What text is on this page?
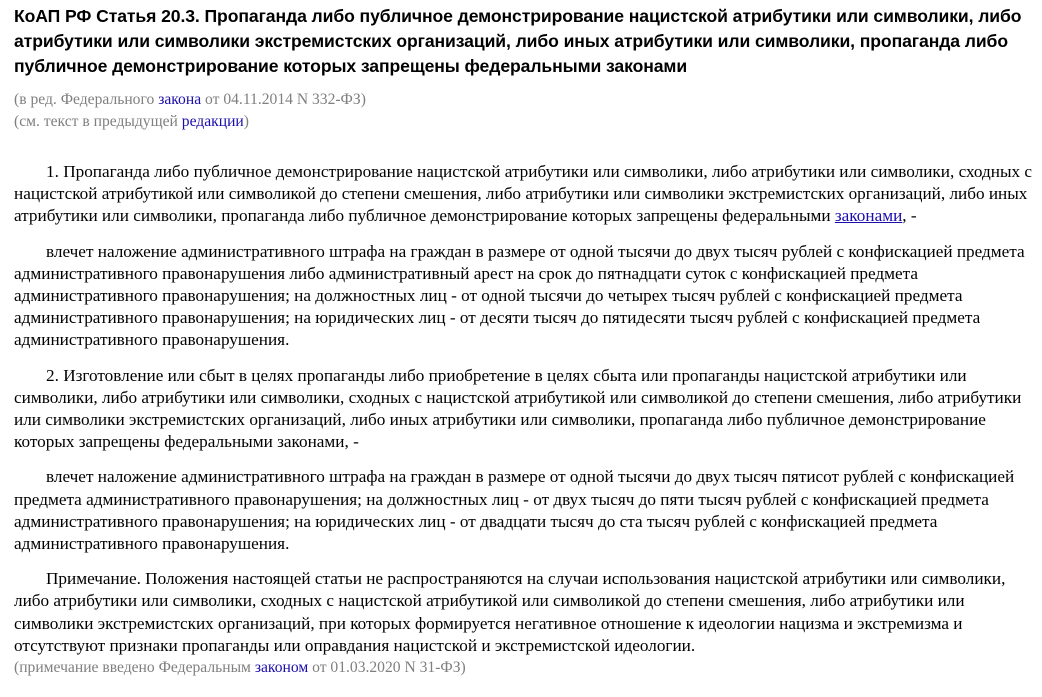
КоАП РФ Статья 20.3. Пропаганда либо публичное демонстрирование нацистской атрибутики или символики, либо атрибутики или символики экстремистских организаций, либо иных атрибутики или символики, пропаганда либо публичное демонстрирование которых запрещены федеральными законами
(в ред. Федерального закона от 04.11.2014 N 332-ФЗ)
(см. текст в предыдущей редакции)

1. Пропаганда либо публичное демонстрирование нацистской атрибутики или символики, либо атрибутики или символики, сходных с нацистской атрибутикой или символикой до степени смешения, либо атрибутики или символики экстремистских организаций, либо иных атрибутики или символики, пропаганда либо публичное демонстрирование которых запрещены федеральными законами, -

влечет наложение административного штрафа на граждан в размере от одной тысячи до двух тысяч рублей с конфискацией предмета административного правонарушения либо административный арест на срок до пятнадцати суток с конфискацией предмета административного правонарушения; на должностных лиц - от одной тысячи до четырех тысяч рублей с конфискацией предмета административного правонарушения; на юридических лиц - от десяти тысяч до пятидесяти тысяч рублей с конфискацией предмета административного правонарушения.

2. Изготовление или сбыт в целях пропаганды либо приобретение в целях сбыта или пропаганды нацистской атрибутики или символики, либо атрибутики или символики, сходных с нацистской атрибутикой или символикой до степени смешения, либо атрибутики или символики экстремистских организаций, либо иных атрибутики или символики, пропаганда либо публичное демонстрирование которых запрещены федеральными законами, -

влечет наложение административного штрафа на граждан в размере от одной тысячи до двух тысяч пятисот рублей с конфискацией предмета административного правонарушения; на должностных лиц - от двух тысяч до пяти тысяч рублей с конфискацией предмета административного правонарушения; на юридических лиц - от двадцати тысяч до ста тысяч рублей с конфискацией предмета административного правонарушения.

Примечание. Положения настоящей статьи не распространяются на случаи использования нацистской атрибутики или символики, либо атрибутики или символики, сходных с нацистской атрибутикой или символикой до степени смешения, либо атрибутики или символики экстремистских организаций, при которых формируется негативное отношение к идеологии нацизма и экстремизма и отсутствуют признаки пропаганды или оправдания нацистской и экстремистской идеологии.

(примечание введено Федеральным законом от 01.03.2020 N 31-ФЗ)
